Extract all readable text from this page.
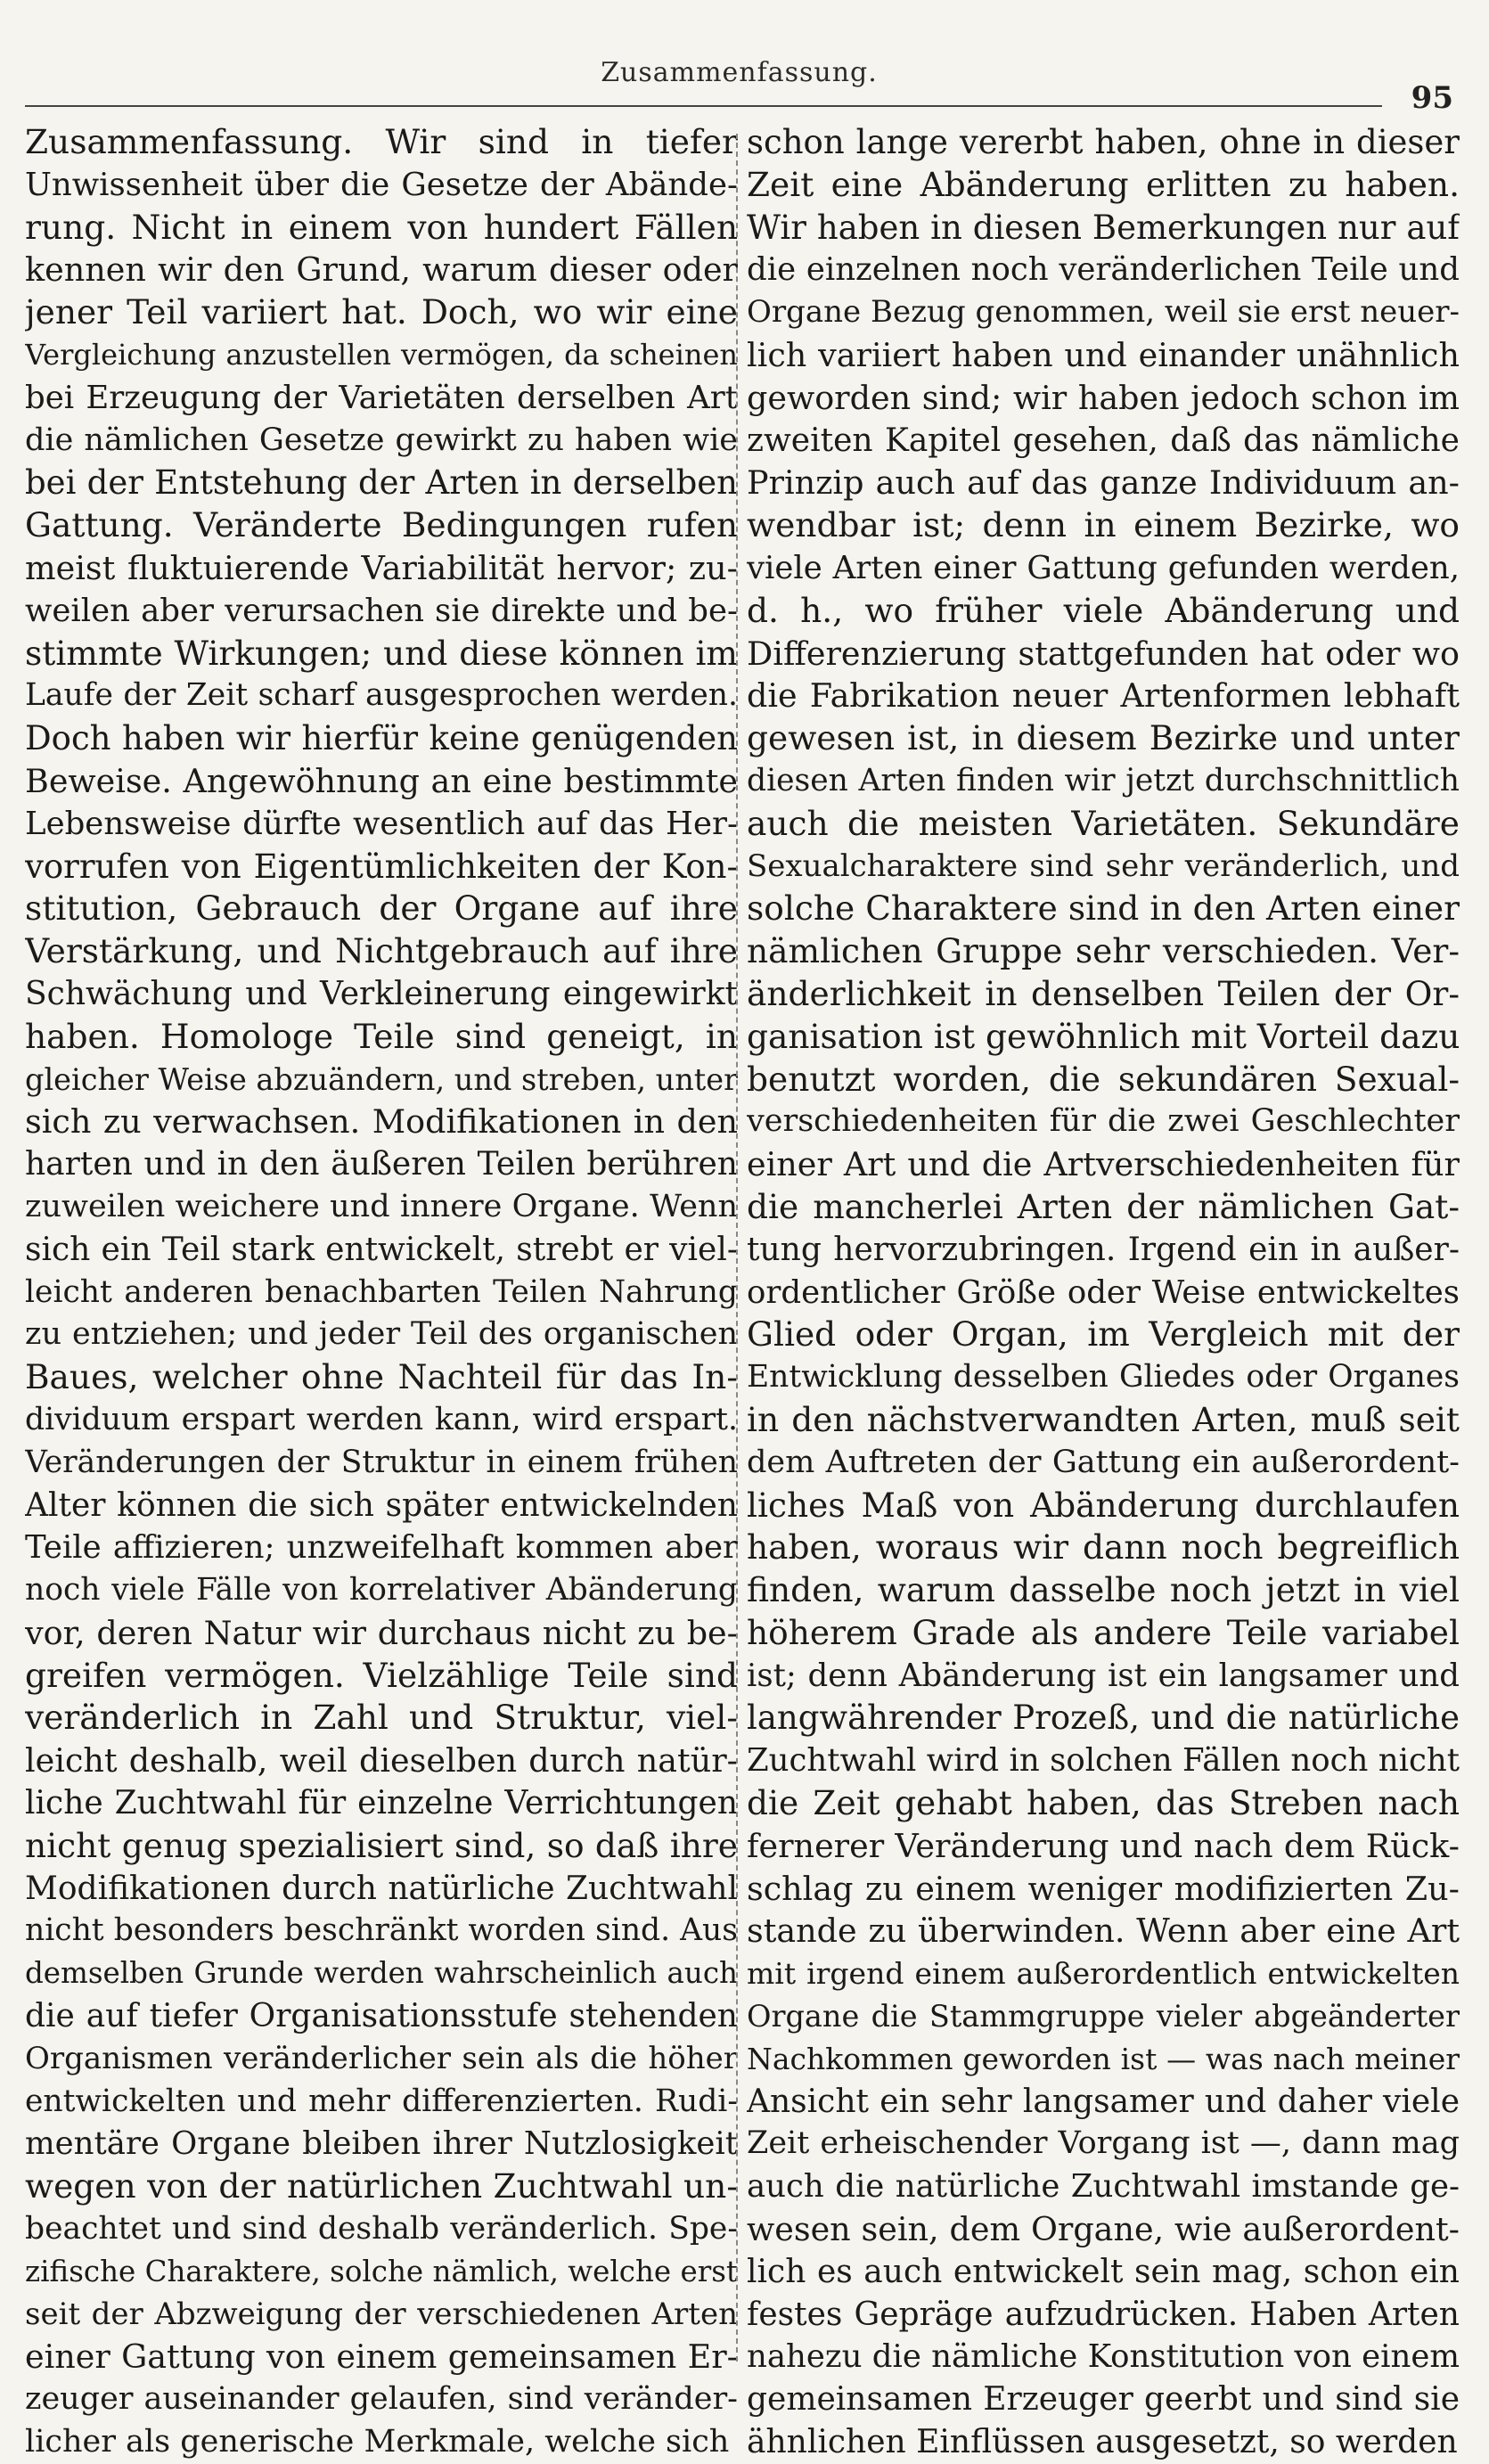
Zusammenfassung.
95
Zusammenfassung. Wir sind in tiefer
Unwissenheit über die Gesetze der Abände-
rung. Nicht in einem von hundert Fällen
kennen wir den Grund, warum dieser oder
jener Teil variiert hat. Doch, wo wir eine
Vergleichung anzustellen vermögen, da scheinen
bei Erzeugung der Varietäten derselben Art
die nämlichen Gesetze gewirkt zu haben wie
bei der Entstehung der Arten in derselben
Gattung. Veränderte Bedingungen rufen
meist fluktuierende Variabilität hervor; zu-
weilen aber verursachen sie direkte und be-
stimmte Wirkungen; und diese können im
Laufe der Zeit scharf ausgesprochen werden.
Doch haben wir hierfür keine genügenden
Beweise. Angewöhnung an eine bestimmte
Lebensweise dürfte wesentlich auf das Her-
vorrufen von Eigentümlichkeiten der Kon-
stitution, Gebrauch der Organe auf ihre
Verstärkung, und Nichtgebrauch auf ihre
Schwächung und Verkleinerung eingewirkt
haben. Homologe Teile sind geneigt, in
gleicher Weise abzuändern, und streben, unter
sich zu verwachsen. Modifikationen in den
harten und in den äußeren Teilen berühren
zuweilen weichere und innere Organe. Wenn
sich ein Teil stark entwickelt, strebt er viel-
leicht anderen benachbarten Teilen Nahrung
zu entziehen; und jeder Teil des organischen
Baues, welcher ohne Nachteil für das In-
dividuum erspart werden kann, wird erspart.
Veränderungen der Struktur in einem frühen
Alter können die sich später entwickelnden
Teile affizieren; unzweifelhaft kommen aber
noch viele Fälle von korrelativer Abänderung
vor, deren Natur wir durchaus nicht zu be-
greifen vermögen. Vielzählige Teile sind
veränderlich in Zahl und Struktur, viel-
leicht deshalb, weil dieselben durch natür-
liche Zuchtwahl für einzelne Verrichtungen
nicht genug spezialisiert sind, so daß ihre
Modifikationen durch natürliche Zuchtwahl
nicht besonders beschränkt worden sind. Aus
demselben Grunde werden wahrscheinlich auch
die auf tiefer Organisationsstufe stehenden
Organismen veränderlicher sein als die höher
entwickelten und mehr differenzierten. Rudi-
mentäre Organe bleiben ihrer Nutzlosigkeit
wegen von der natürlichen Zuchtwahl un-
beachtet und sind deshalb veränderlich. Spe-
zifische Charaktere, solche nämlich, welche erst
seit der Abzweigung der verschiedenen Arten
einer Gattung von einem gemeinsamen Er-
zeuger auseinander gelaufen, sind veränder-
licher als generische Merkmale, welche sich
schon lange vererbt haben, ohne in dieser
Zeit eine Abänderung erlitten zu haben.
Wir haben in diesen Bemerkungen nur auf
die einzelnen noch veränderlichen Teile und
Organe Bezug genommen, weil sie erst neuer-
lich variiert haben und einander unähnlich
geworden sind; wir haben jedoch schon im
zweiten Kapitel gesehen, daß das nämliche
Prinzip auch auf das ganze Individuum an-
wendbar ist; denn in einem Bezirke, wo
viele Arten einer Gattung gefunden werden,
d. h., wo früher viele Abänderung und
Differenzierung stattgefunden hat oder wo
die Fabrikation neuer Artenformen lebhaft
gewesen ist, in diesem Bezirke und unter
diesen Arten finden wir jetzt durchschnittlich
auch die meisten Varietäten. Sekundäre
Sexualcharaktere sind sehr veränderlich, und
solche Charaktere sind in den Arten einer
nämlichen Gruppe sehr verschieden. Ver-
änderlichkeit in denselben Teilen der Or-
ganisation ist gewöhnlich mit Vorteil dazu
benutzt worden, die sekundären Sexual-
verschiedenheiten für die zwei Geschlechter
einer Art und die Artverschiedenheiten für
die mancherlei Arten der nämlichen Gat-
tung hervorzubringen. Irgend ein in außer-
ordentlicher Größe oder Weise entwickeltes
Glied oder Organ, im Vergleich mit der
Entwicklung desselben Gliedes oder Organes
in den nächstverwandten Arten, muß seit
dem Auftreten der Gattung ein außerordent-
liches Maß von Abänderung durchlaufen
haben, woraus wir dann noch begreiflich
finden, warum dasselbe noch jetzt in viel
höherem Grade als andere Teile variabel
ist; denn Abänderung ist ein langsamer und
langwährender Prozeß, und die natürliche
Zuchtwahl wird in solchen Fällen noch nicht
die Zeit gehabt haben, das Streben nach
fernerer Veränderung und nach dem Rück-
schlag zu einem weniger modifizierten Zu-
stande zu überwinden. Wenn aber eine Art
mit irgend einem außerordentlich entwickelten
Organe die Stammgruppe vieler abgeänderter
Nachkommen geworden ist — was nach meiner
Ansicht ein sehr langsamer und daher viele
Zeit erheischender Vorgang ist —, dann mag
auch die natürliche Zuchtwahl imstande ge-
wesen sein, dem Organe, wie außerordent-
lich es auch entwickelt sein mag, schon ein
festes Gepräge aufzudrücken. Haben Arten
nahezu die nämliche Konstitution von einem
gemeinsamen Erzeuger geerbt und sind sie
ähnlichen Einflüssen ausgesetzt, so werden
